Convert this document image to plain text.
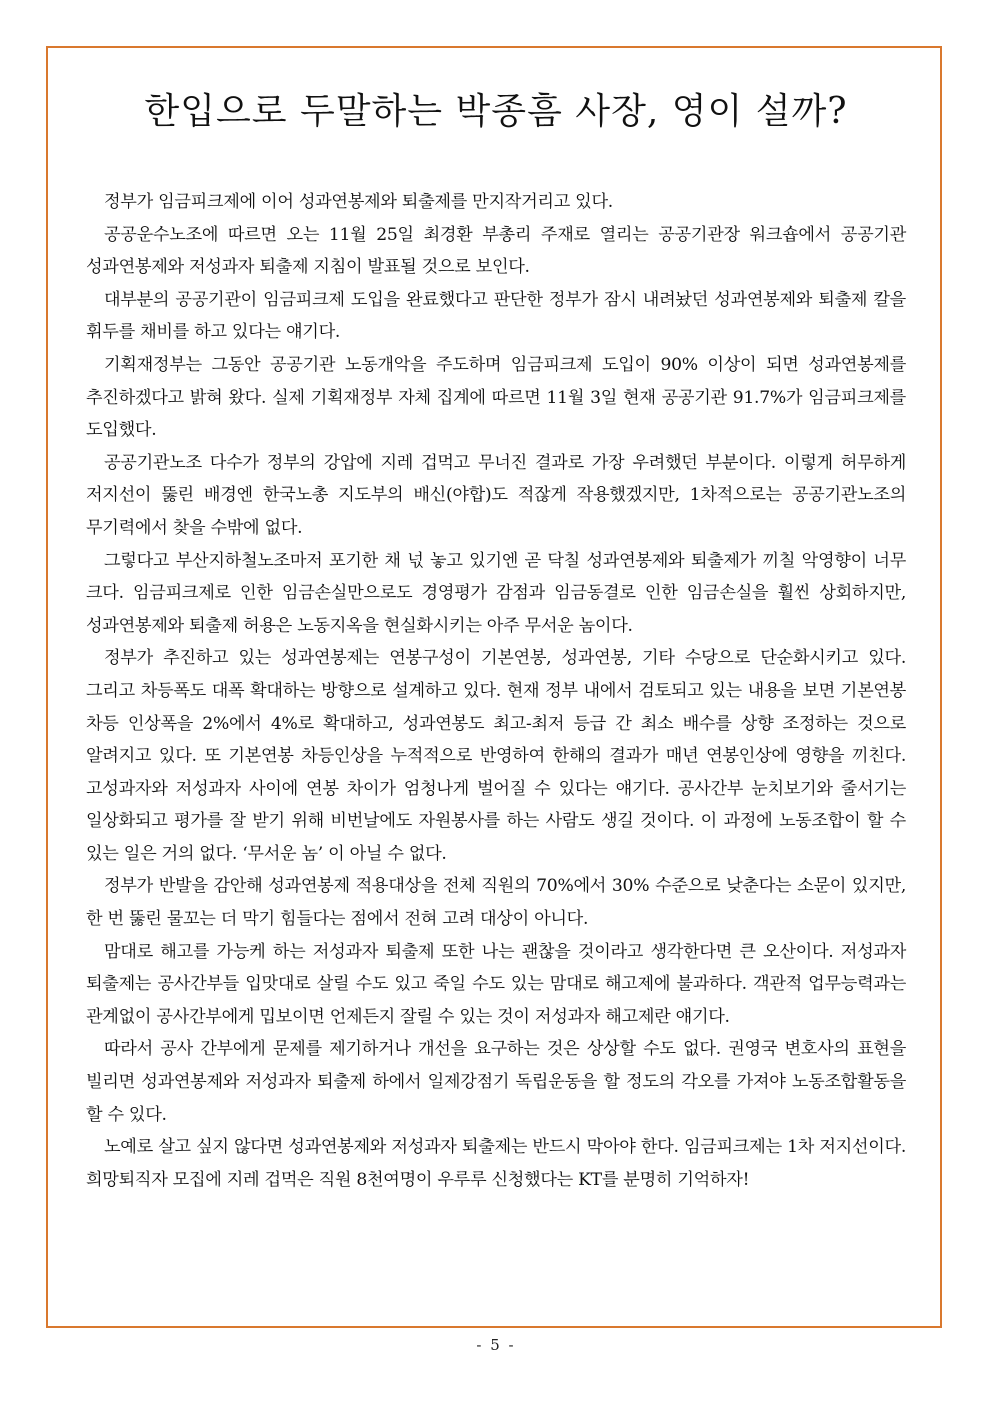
한입으로 두말하는 박종흠 사장, 영이 설까?

정부가 임금피크제에 이어 성과연봉제와 퇴출제를 만지작거리고 있다.

공공운수노조에 따르면 오는 11월 25일 최경환 부총리 주재로 열리는 공공기관장 워크숍에서 공공기관 성과연봉제와 저성과자 퇴출제 지침이 발표될 것으로 보인다.

대부분의 공공기관이 임금피크제 도입을 완료했다고 판단한 정부가 잠시 내려놨던 성과연봉제와 퇴출제 칼을 휘두를 채비를 하고 있다는 얘기다.

기획재정부는 그동안 공공기관 노동개악을 주도하며 임금피크제 도입이 90% 이상이 되면 성과연봉제를 추진하겠다고 밝혀 왔다. 실제 기획재정부 자체 집계에 따르면 11월 3일 현재 공공기관 91.7%가 임금피크제를 도입했다.

공공기관노조 다수가 정부의 강압에 지레 겁먹고 무너진 결과로 가장 우려했던 부분이다. 이렇게 허무하게 저지선이 뚫린 배경엔 한국노총 지도부의 배신(야합)도 적잖게 작용했겠지만, 1차적으로는 공공기관노조의 무기력에서 찾을 수밖에 없다.

그렇다고 부산지하철노조마저 포기한 채 넋 놓고 있기엔 곧 닥칠 성과연봉제와 퇴출제가 끼칠 악영향이 너무 크다. 임금피크제로 인한 임금손실만으로도 경영평가 감점과 임금동결로 인한 임금손실을 훨씬 상회하지만, 성과연봉제와 퇴출제 허용은 노동지옥을 현실화시키는 아주 무서운 놈이다.

정부가 추진하고 있는 성과연봉제는 연봉구성이 기본연봉, 성과연봉, 기타 수당으로 단순화시키고 있다. 그리고 차등폭도 대폭 확대하는 방향으로 설계하고 있다. 현재 정부 내에서 검토되고 있는 내용을 보면 기본연봉 차등 인상폭을 2%에서 4%로 확대하고, 성과연봉도 최고-최저 등급 간 최소 배수를 상향 조정하는 것으로 알려지고 있다. 또 기본연봉 차등인상을 누적적으로 반영하여 한해의 결과가 매년 연봉인상에 영향을 끼친다. 고성과자와 저성과자 사이에 연봉 차이가 엄청나게 벌어질 수 있다는 얘기다. 공사간부 눈치보기와 줄서기는 일상화되고 평가를 잘 받기 위해 비번날에도 자원봉사를 하는 사람도 생길 것이다. 이 과정에 노동조합이 할 수 있는 일은 거의 없다. ‘무서운 놈’ 이 아닐 수 없다.

정부가 반발을 감안해 성과연봉제 적용대상을 전체 직원의 70%에서 30% 수준으로 낮춘다는 소문이 있지만, 한 번 뚫린 물꼬는 더 막기 힘들다는 점에서 전혀 고려 대상이 아니다.

맘대로 해고를 가능케 하는 저성과자 퇴출제 또한 나는 괜찮을 것이라고 생각한다면 큰 오산이다. 저성과자 퇴출제는 공사간부들 입맛대로 살릴 수도 있고 죽일 수도 있는 맘대로 해고제에 불과하다. 객관적 업무능력과는 관계없이 공사간부에게 밉보이면 언제든지 잘릴 수 있는 것이 저성과자 해고제란 얘기다.

따라서 공사 간부에게 문제를 제기하거나 개선을 요구하는 것은 상상할 수도 없다. 권영국 변호사의 표현을 빌리면 성과연봉제와 저성과자 퇴출제 하에서 일제강점기 독립운동을 할 정도의 각오를 가져야 노동조합활동을 할 수 있다.

노예로 살고 싶지 않다면 성과연봉제와 저성과자 퇴출제는 반드시 막아야 한다. 임금피크제는 1차 저지선이다. 희망퇴직자 모집에 지레 겁먹은 직원 8천여명이 우루루 신청했다는 KT를 분명히 기억하자!

- 5 -
